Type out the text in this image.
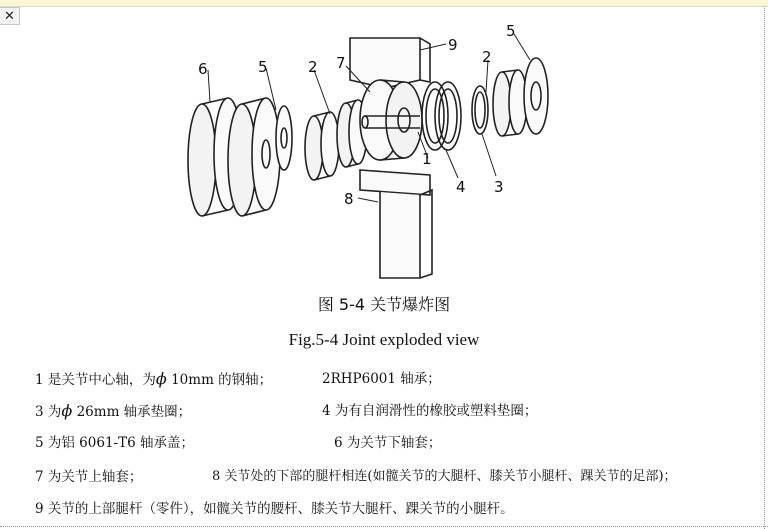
✕
6	5	2 7
9
2
5
1
4 3
8
图 5-4 关节爆炸图
Fig.5-4 Joint exploded view
1 是关节中心轴，为ϕ 10mm 的钢轴；	2RHP6001 轴承；
3 为ϕ 26mm 轴承垫圈；	4 为有自润滑性的橡胶或塑料垫圈；
5 为铝 6061-T6 轴承盖；	6 为关节下轴套；
7 为关节上轴套；	8 关节处的下部的腿杆相连(如髋关节的大腿杆、膝关节小腿杆、踝关节的足部)；
9 关节的上部腿杆（零件），如髋关节的腰杆、膝关节大腿杆、踝关节的小腿杆。
